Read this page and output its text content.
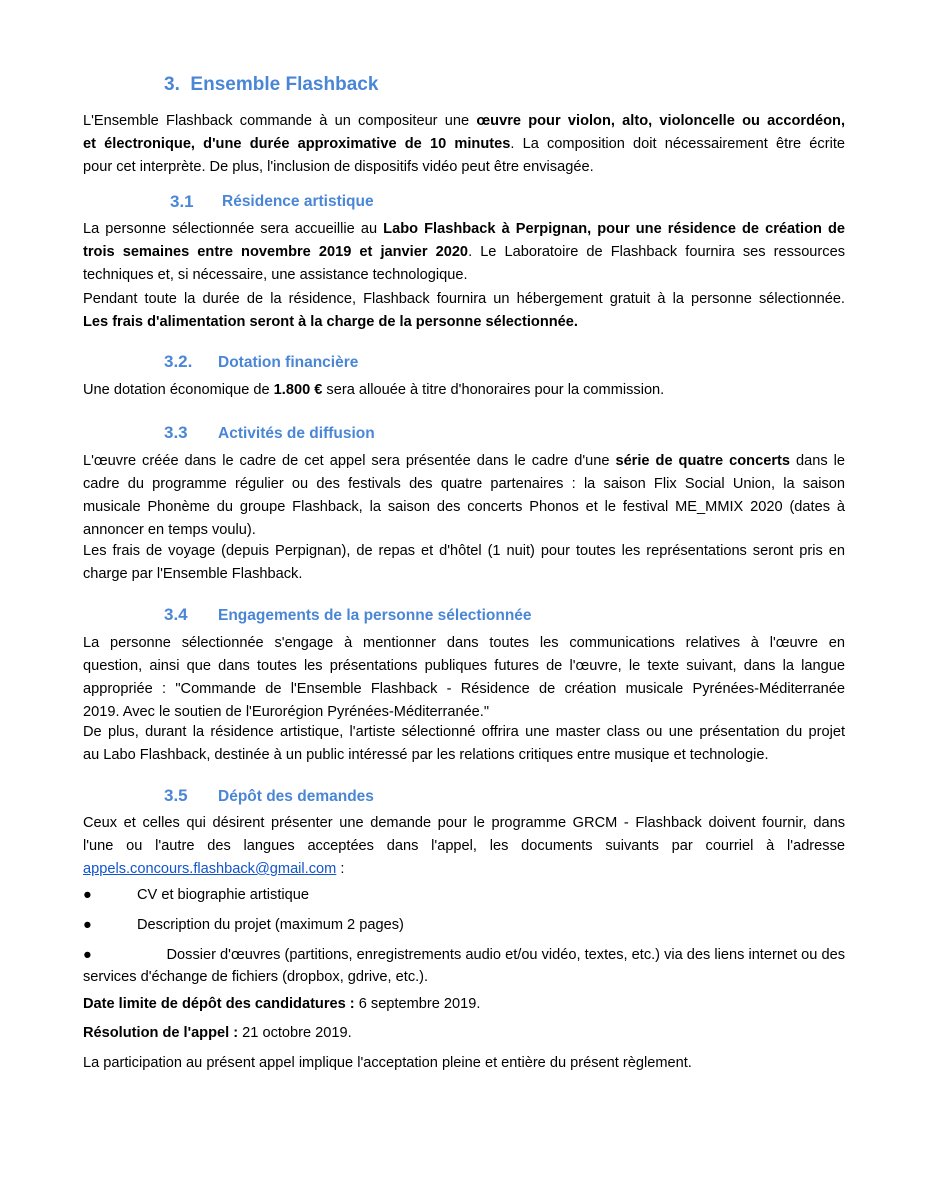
3. Ensemble Flashback
L'Ensemble Flashback commande à un compositeur une œuvre pour violon, alto, violoncelle ou accordéon,
et électronique, d'une durée approximative de 10 minutes. La composition doit nécessairement être écrite
pour cet interprète. De plus, l'inclusion de dispositifs vidéo peut être envisagée.
3.1 Résidence artistique
La personne sélectionnée sera accueillie au Labo Flashback à Perpignan, pour une résidence de création de
trois semaines entre novembre 2019 et janvier 2020. Le Laboratoire de Flashback fournira ses ressources
techniques et, si nécessaire, une assistance technologique.
Pendant toute la durée de la résidence, Flashback fournira un hébergement gratuit à la personne sélectionnée.
Les frais d'alimentation seront à la charge de la personne sélectionnée.
3.2. Dotation financière
Une dotation économique de 1.800 € sera allouée à titre d'honoraires pour la commission.
3.3 Activités de diffusion
L'œuvre créée dans le cadre de cet appel sera présentée dans le cadre d'une série de quatre concerts dans le
cadre du programme régulier ou des festivals des quatre partenaires : la saison Flix Social Union, la saison
musicale Phonème du groupe Flashback, la saison des concerts Phonos et le festival ME_MMIX 2020 (dates à
annoncer en temps voulu).
Les frais de voyage (depuis Perpignan), de repas et d'hôtel (1 nuit) pour toutes les représentations seront pris en
charge par l'Ensemble Flashback.
3.4 Engagements de la personne sélectionnée
La personne sélectionnée s'engage à mentionner dans toutes les communications relatives à l'œuvre en
question, ainsi que dans toutes les présentations publiques futures de l'œuvre, le texte suivant, dans la langue
appropriée : "Commande de l'Ensemble Flashback - Résidence de création musicale Pyrénées-Méditerranée
2019. Avec le soutien de l'Eurorégion Pyrénées-Méditerranée."
De plus, durant la résidence artistique, l'artiste sélectionné offrira une master class ou une présentation du projet
au Labo Flashback, destinée à un public intéressé par les relations critiques entre musique et technologie.
3.5 Dépôt des demandes
Ceux et celles qui désirent présenter une demande pour le programme GRCM - Flashback doivent fournir, dans
l'une ou l'autre des langues acceptées dans l'appel, les documents suivants par courriel à l'adresse
appels.concours.flashback@gmail.com :
●	CV et biographie artistique
●	Description du projet (maximum 2 pages)
●	Dossier d'œuvres (partitions, enregistrements audio et/ou vidéo, textes, etc.) via des liens internet ou des
services d'échange de fichiers (dropbox, gdrive, etc.).
Date limite de dépôt des candidatures : 6 septembre 2019.
Résolution de l'appel : 21 octobre 2019.
La participation au présent appel implique l'acceptation pleine et entière du présent règlement.
